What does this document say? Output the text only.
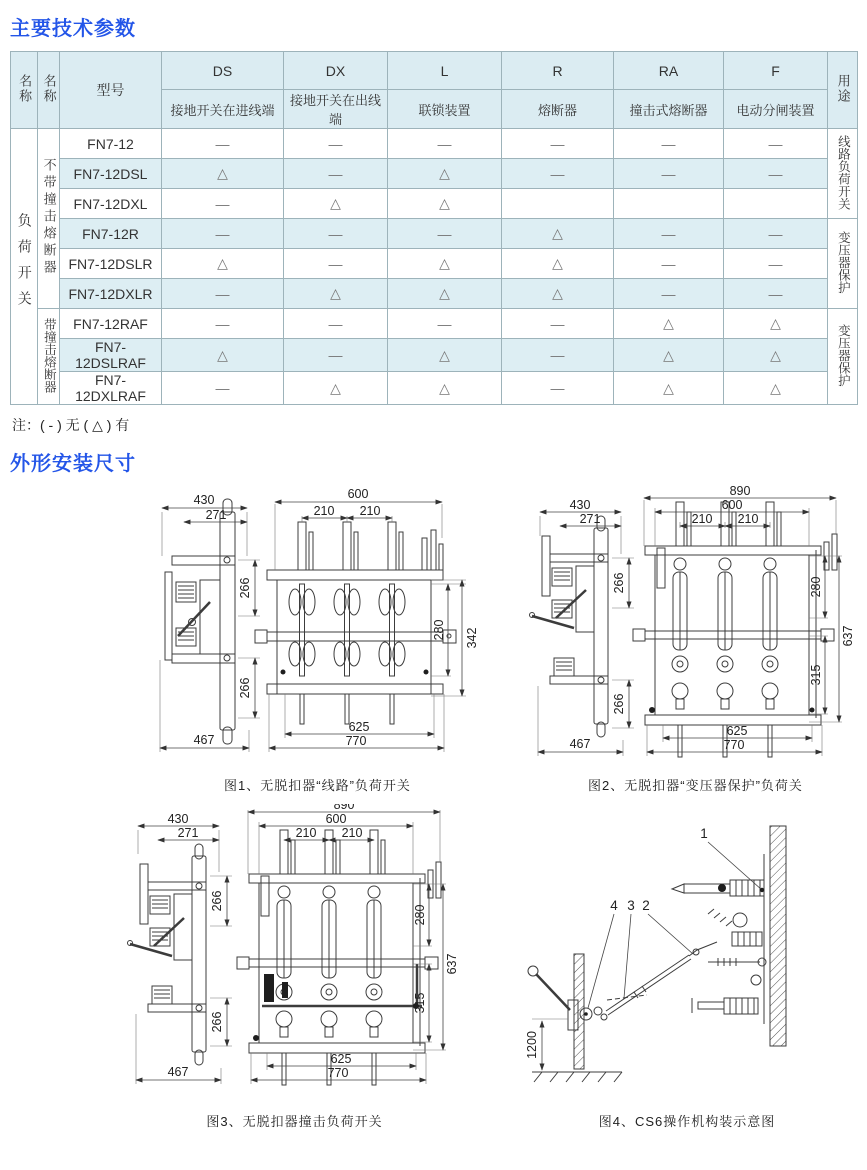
主要技术参数
名称	名称	型号	DS	DX	L	R	RA	F	用途
			接地开关在进线端	接地开关在出线端	联锁装置	熔断器	撞击式熔断器	电动分闸装置	
负荷开关	不带撞击熔断器	FN7-12	—	—	—	—	—	—	线路负荷开关
		FN7-12DSL	△	—	△	—	—	—	
		FN7-12DXL	—	△	△				
		FN7-12R	—	—	—	△	—	—	变压器保护
		FN7-12DSLR	△	—	△	△	—	—	
		FN7-12DXLR	—	△	△	△	—	—	
	带撞击熔断器	FN7-12RAF	—	—	—	—	△	△	变压器保护
		FN7-12DSLRAF	△	—	△	—	△	△	
		FN7-12DXLRAF	—	△	△	—	△	△	
注：( - ) 无 ( △ ) 有
外形安装尺寸
430
271
600
210 210
266
266
280 342
625
770
467
图1、无脱扣器“线路”负荷开关
890
600
210 210
430
271
266
266
280
637
315
625
770
467
图2、无脱扣器“变压器保护”负荷关
890
600
210 210
430
271
266
266
280
637
315
625
770
467
图3、无脱扣器撞击负荷开关
1
4 3 2
1200
图4、CS6操作机构装示意图
